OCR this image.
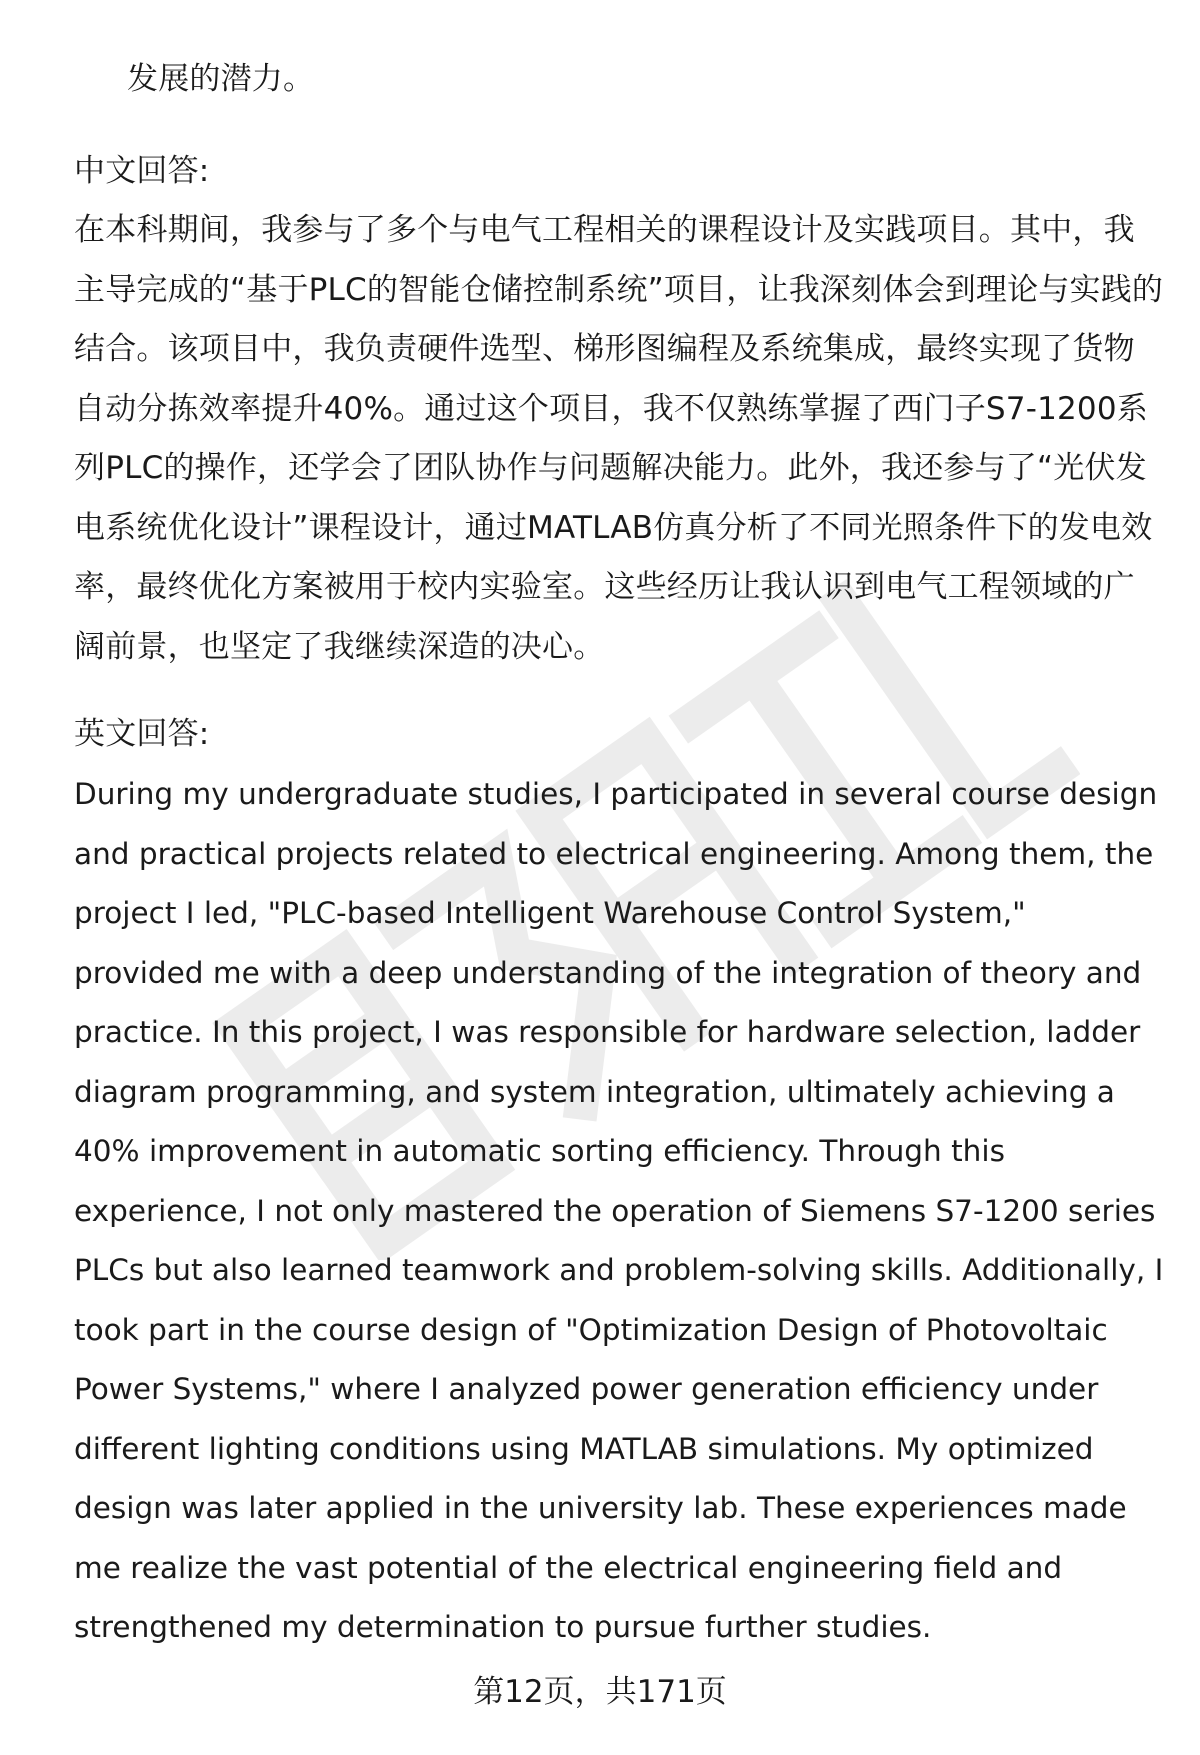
发展的潜力。
中文回答:
在本科期间，我参与了多个与电气工程相关的课程设计及实践项目。其中，我主导完成的“基于PLC的智能仓储控制系统”项目，让我深刻体会到理论与实践的结合。该项目中，我负责硬件选型、梯形图编程及系统集成，最终实现了货物自动分拣效率提升40%。通过这个项目，我不仅熟练掌握了西门子S7-1200系列PLC的操作，还学会了团队协作与问题解决能力。此外，我还参与了“光伏发电系统优化设计”课程设计，通过MATLAB仿真分析了不同光照条件下的发电效率，最终优化方案被用于校内实验室。这些经历让我认识到电气工程领域的广阔前景，也坚定了我继续深造的决心。
英文回答:
During my undergraduate studies, I participated in several course design and practical projects related to electrical engineering. Among them, the project I led, "PLC-based Intelligent Warehouse Control System," provided me with a deep understanding of the integration of theory and practice. In this project, I was responsible for hardware selection, ladder diagram programming, and system integration, ultimately achieving a 40% improvement in automatic sorting efficiency. Through this experience, I not only mastered the operation of Siemens S7-1200 series PLCs but also learned teamwork and problem-solving skills. Additionally, I took part in the course design of "Optimization Design of Photovoltaic Power Systems," where I analyzed power generation efficiency under different lighting conditions using MATLAB simulations. My optimized design was later applied in the university lab. These experiences made me realize the vast potential of the electrical engineering field and strengthened my determination to pursue further studies.
第12页，共171页
